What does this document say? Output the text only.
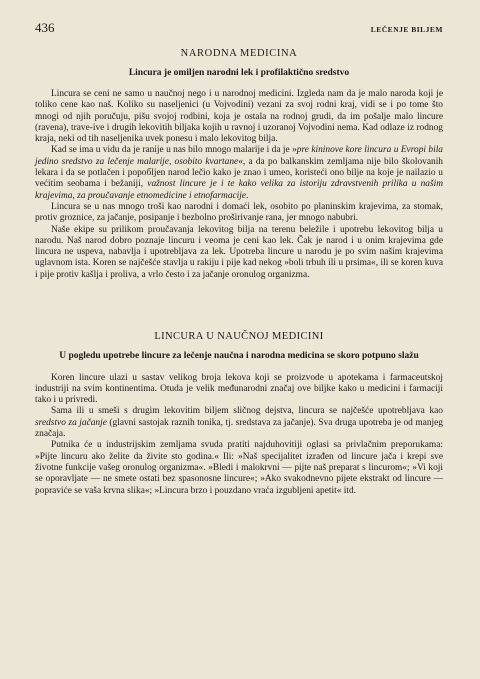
436	LEČENJE BILJEM
NARODNA MEDICINA
Lincura je omiljen narodni lek i profilaktično sredstvo

Lincura se ceni ne samo u naučnoj nego i u narodnoj medicini. Izgleda nam da je malo naroda koji je toliko cene kao naš. Koliko su naseljenici (u Vojvodini) vezani za svoj rodni kraj, vidi se i po tome što mnogi od njih poručuju, pišu svojoj rodbini, koja je ostala na rodnoj grudi, da im pošalje malo lincure (ravena), trave-ive i drugih lekovitih biljaka kojih u ravnoj i uzoranoj Vojvodini nema. Kad odlaze iz rodnog kraja, neki od tih naseljenika uvek ponesu i malo lekovitog bilja.

Kad se ima u vidu da je ranije u nas bilo mnogo malarije i da je »pre kininove kore lincura u Evropi bila jedino sredstvo za lečenje malarije, osobito kvartane«, a da po balkanskim zemljama nije bilo školovanih lekara i da se potlačen i poробljen narod lečio kako je znao i umeo, koristeći ono bilje na koje je nailazio u većitim seobama i bežaniji, važnost lincure je i te kako velika za istoriju zdravstvenih prilika u našim krajevima, za proučavanje etnomedicine i etnofarmacije.

Lincura se u nas mnogo troši kao narodni i domaći lek, osobito po planinskim krajevima, za stomak, protiv groznice, za jačanje, posipanje i bezbolno proširivanje rana, jer mnogo nabubri.

Naše ekipe su prilikom proučavanja lekovitog bilja na terenu beležile i upotrebu lekovitog bilja u narodu. Naš narod dobro poznaje lincuru i veoma je ceni kao lek. Čak je narod i u onim krajevima gde lincura ne uspeva, nabavlja i upotrebljava za lek. Upotreba lincure u narodu je po svim našim krajevima uglavnom ista. Koren se najčešće stavlja u rakiju i pije kad nekog »boli trbuh ili u prsima«, ili se koren kuva i pije protiv kašlja i proliva, a vrlo često i za jačanje oronulog organizma.

LINCURA U NAUČNOJ MEDICINI
U pogledu upotrebe lincure za lečenje naučna i narodna medicina se skoro potpuno slažu

Koren lincure ulazi u sastav velikog broja lekova koji se proizvode u apotekama i farmaceutskoj industriji na svim kontinentima. Otuda je velik međunarodni značaj ove biljke kako u medicini i farmaciji tako i u privredi.

Sama ili u smeši s drugim lekovitim biljem sličnog dejstva, lincura se najčešće upotrebljava kao sredstvo za jačanje (glavni sastojak raznih tonika, tj. sredstava za jačanje). Sva druga upotreba je od manjeg značaja.

Putnika će u industrijskim zemljama svuda pratiti najduhovitiji oglasi sa privlačnim preporukama: »Pijte lincuru ako želite da živite sto godina.« Ili: »Naš specijalitet izrađen od lincure jača i krepi sve životne funkcije vašeg oronulog organizma«. »Bledi i malokrvni — pijte naš preparat s lincurom«; »Vi koji se oporavljate — ne smete ostati bez spasonosne lincure«; »Ako svakodnevno pijete ekstrakt od lincure — popraviće se vaša krvna slika«; »Lincura brzo i pouzdano vraća izgubljeni apetit« itd.
